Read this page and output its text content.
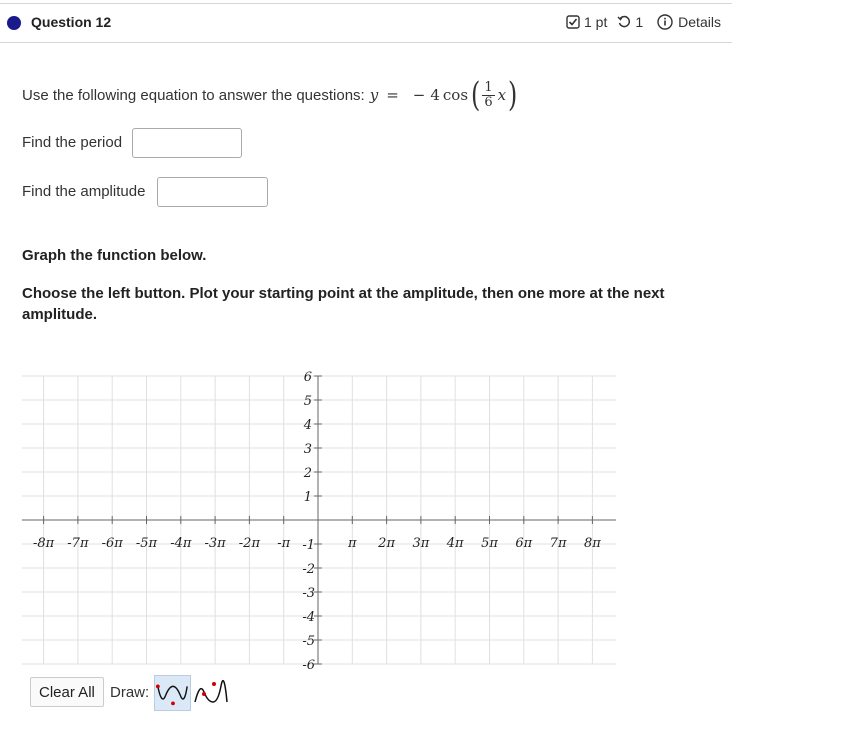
Question 12	1 pt 1	Details
Use the following equation to answer the questions: y = − 4 cos ( $\frac{1}{6}$ x )
Find the period
Find the amplitude
Graph the function below.
Choose the left button. Plot your starting point at the amplitude, then one more at the next amplitude.
-8π -7π -6π -5π -4π -3π -2π -π	π 2π 3π 4π 5π 6π 7π 8π
6
5
4
3
2
1
-1
-2
-3
-4
-5
-6
Clear All	Draw:
